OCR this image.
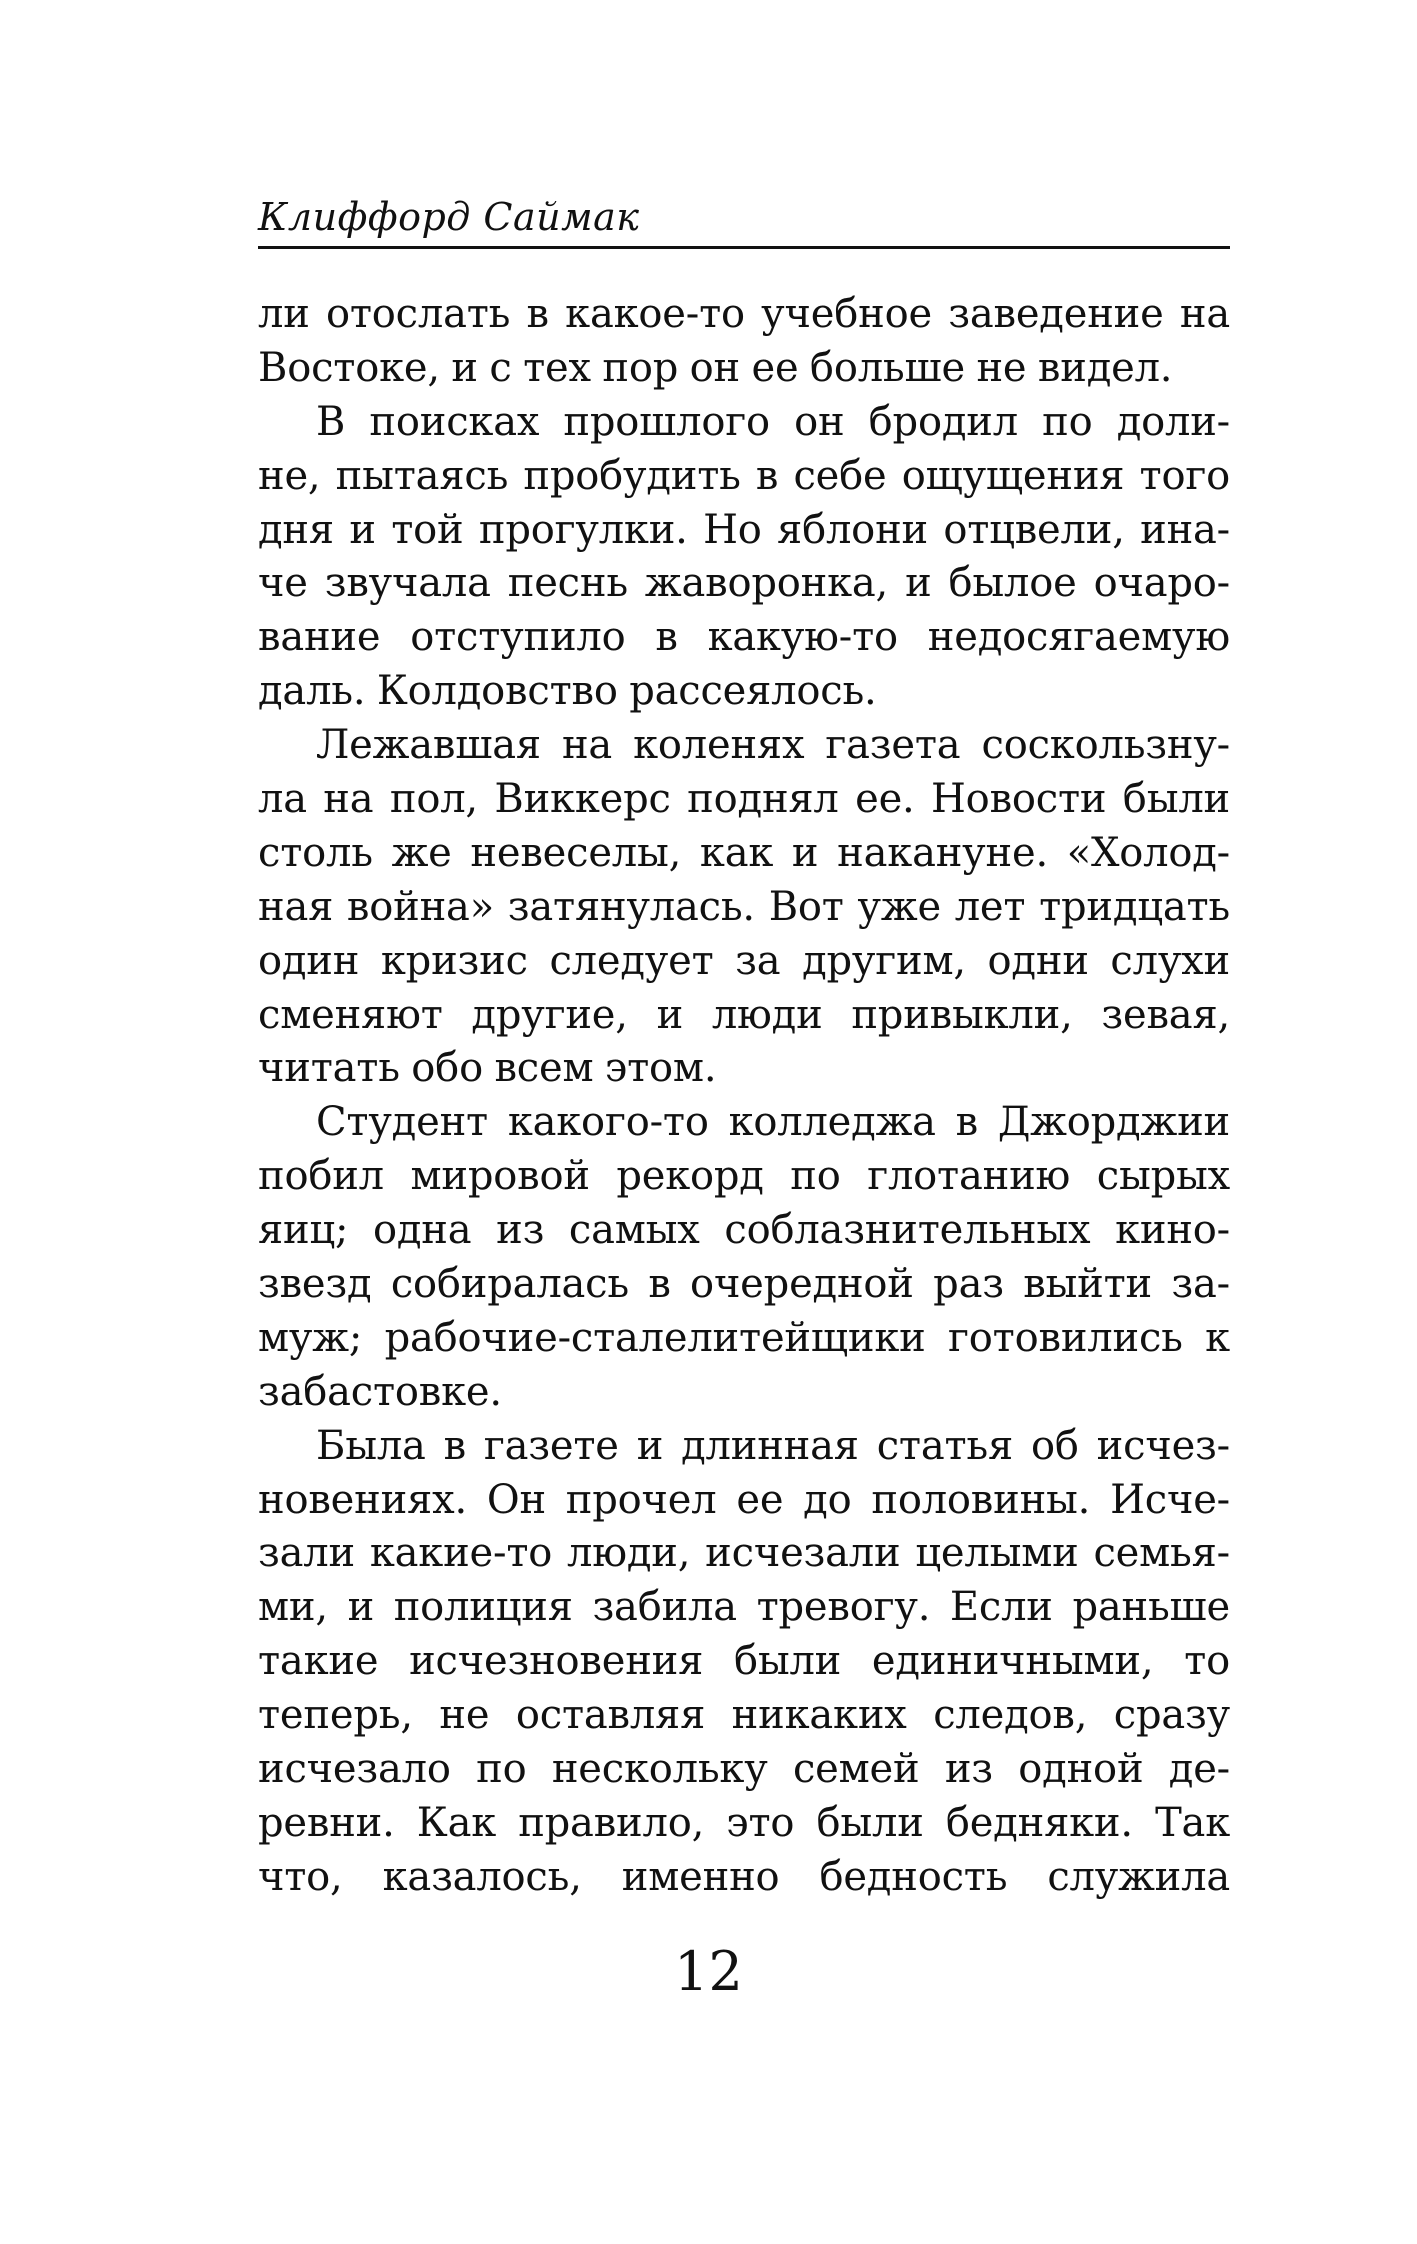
Клиффорд Саймак
ли отослать в какое-то учебное заведение на
Востоке, и с тех пор он ее больше не видел.
В поисках прошлого он бродил по доли-
не, пытаясь пробудить в себе ощущения того
дня и той прогулки. Но яблони отцвели, ина-
че звучала песнь жаворонка, и былое очаро-
вание отступило в какую-то недосягаемую
даль. Колдовство рассеялось.
Лежавшая на коленях газета соскользну-
ла на пол, Виккерс поднял ее. Новости были
столь же невеселы, как и накануне. «Холод-
ная война» затянулась. Вот уже лет тридцать
один кризис следует за другим, одни слухи
сменяют другие, и люди привыкли, зевая,
читать обо всем этом.
Студент какого-то колледжа в Джорджии
побил мировой рекорд по глотанию сырых
яиц; одна из самых соблазнительных кино-
звезд собиралась в очередной раз выйти за-
муж; рабочие-сталелитейщики готовились к
забастовке.
Была в газете и длинная статья об исчез-
новениях. Он прочел ее до половины. Исче-
зали какие-то люди, исчезали целыми семья-
ми, и полиция забила тревогу. Если раньше
такие исчезновения были единичными, то
теперь, не оставляя никаких следов, сразу
исчезало по нескольку семей из одной де-
ревни. Как правило, это были бедняки. Так
что, казалось, именно бедность служила
12
